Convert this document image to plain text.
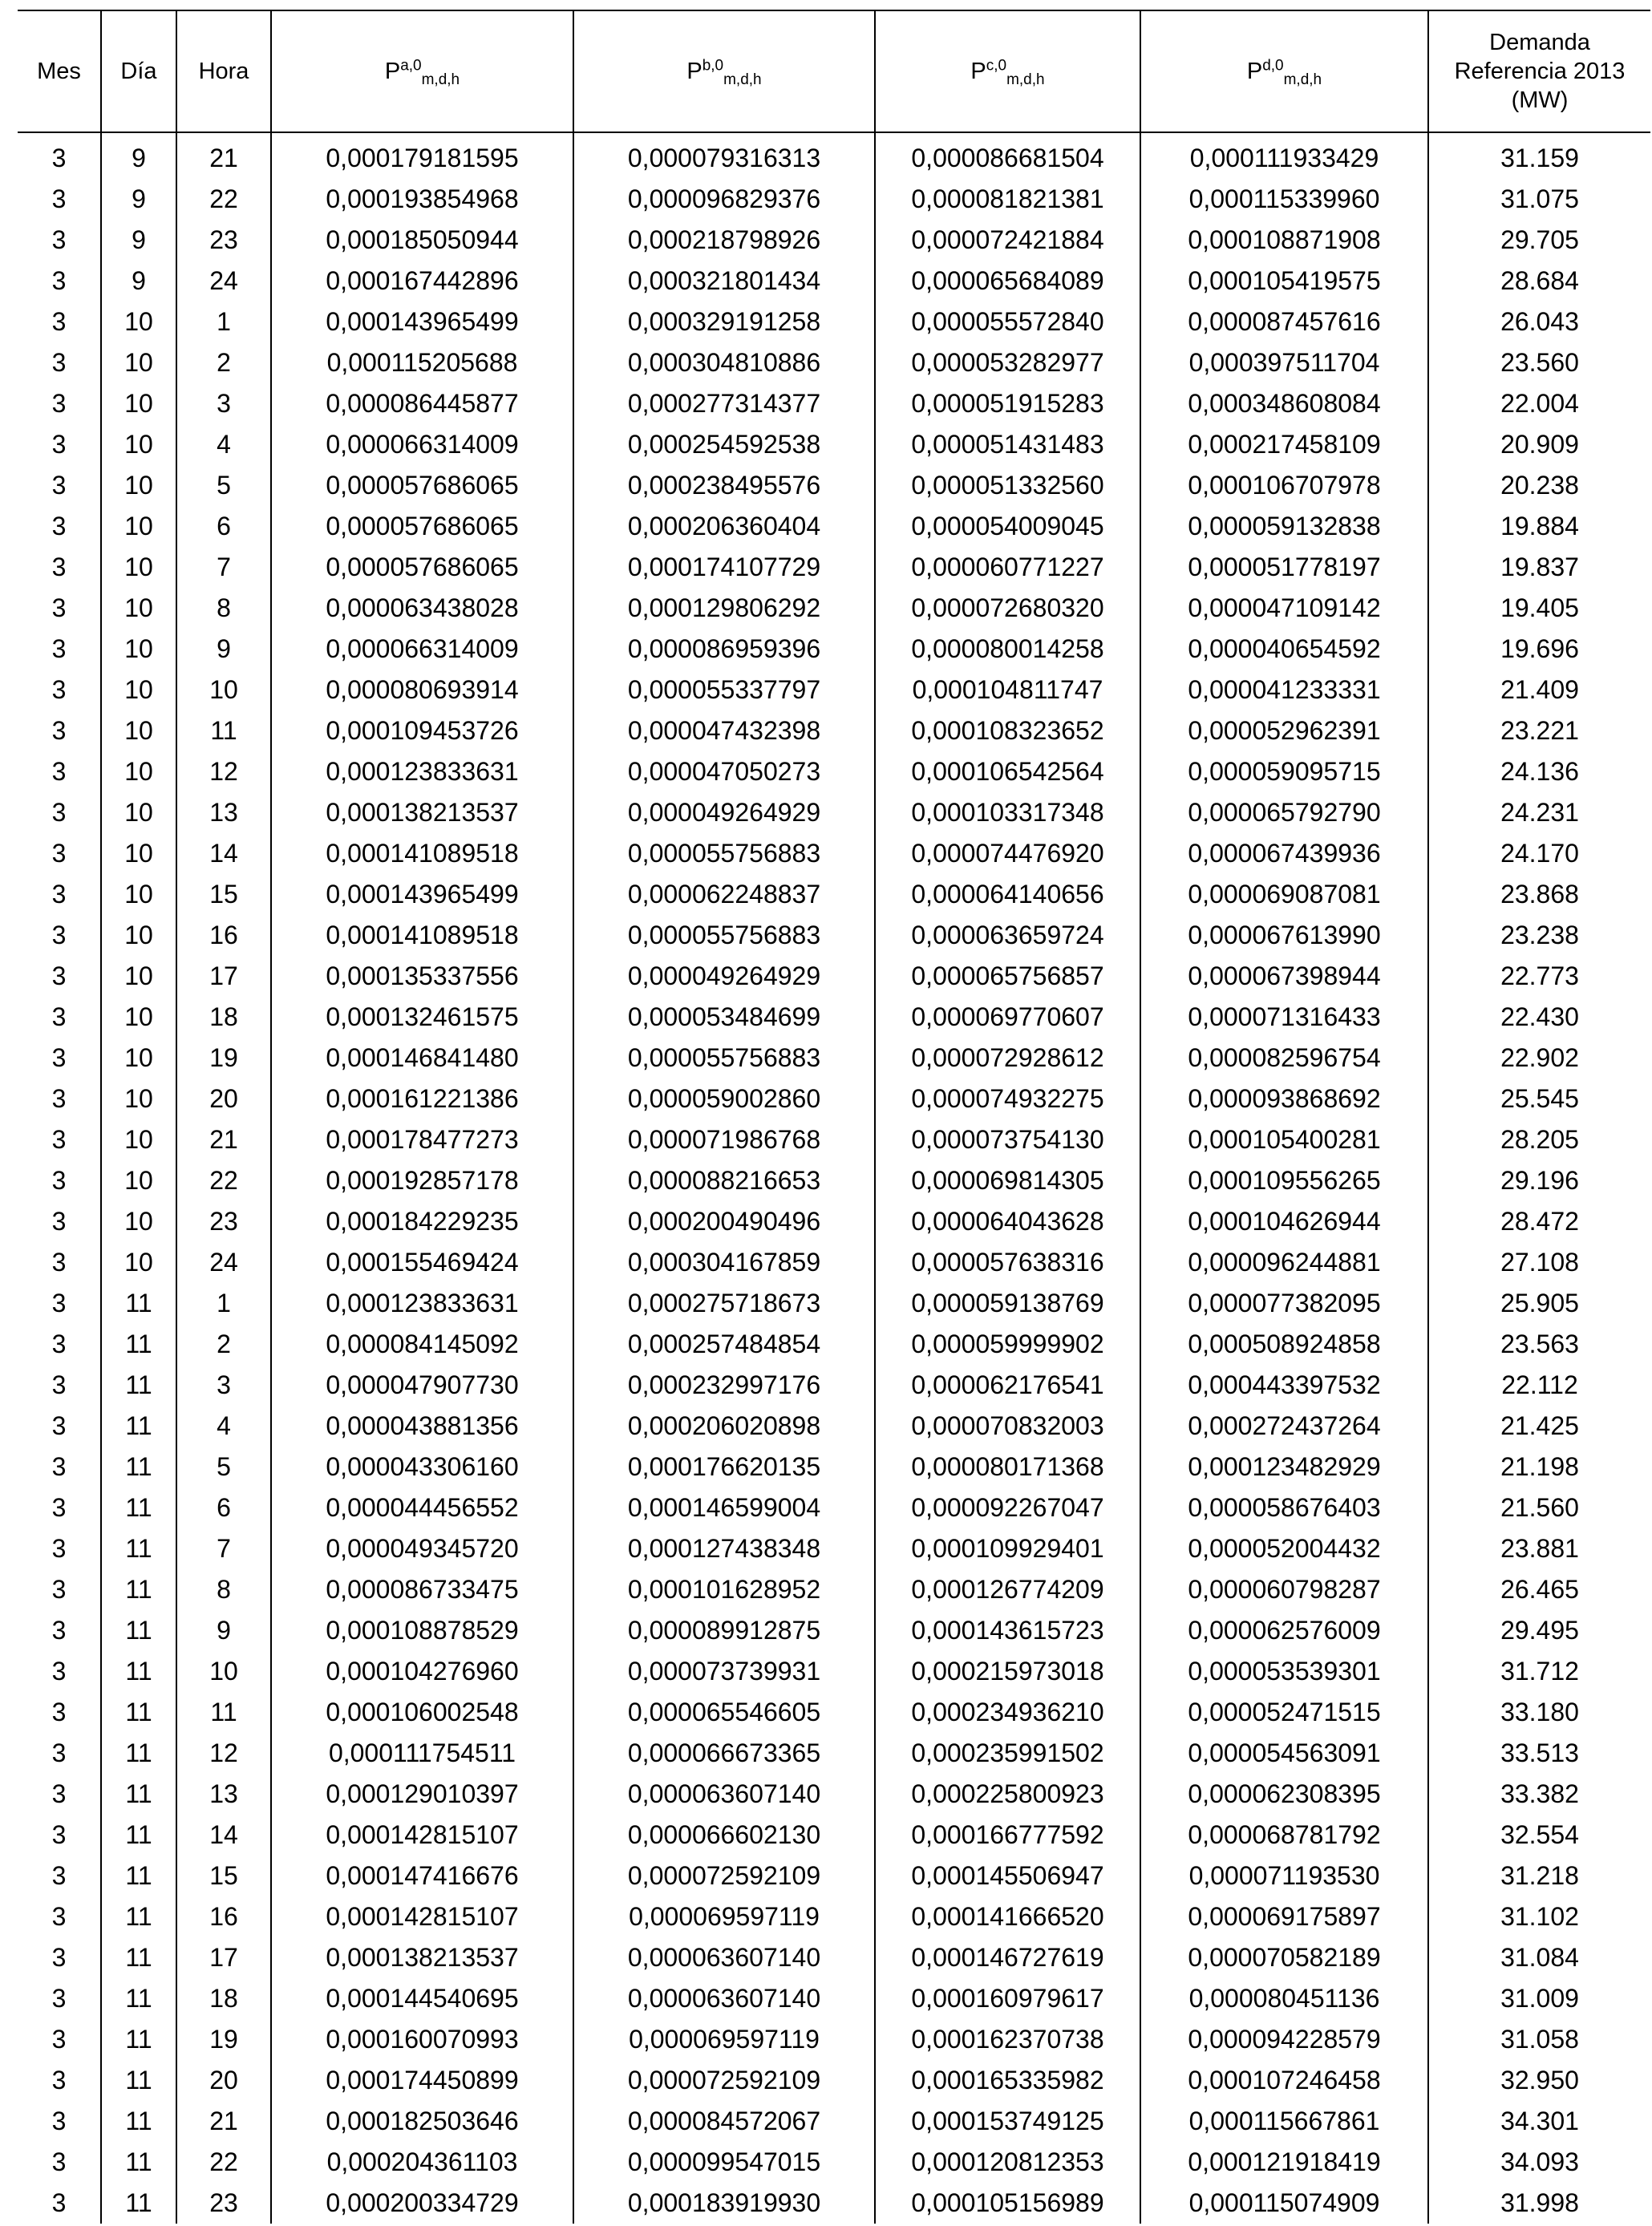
Mes	Día	Hora	P$^{a,0}_{m,d,h}$	P$^{b,0}_{m,d,h}$	P$^{c,0}_{m,d,h}$	P$^{d,0}_{m,d,h}$	Demanda
Referencia 2013
(MW)
3	9	21	0,000179181595	0,000079316313	0,000086681504	0,000111933429	31.159
3	9	22	0,000193854968	0,000096829376	0,000081821381	0,000115339960	31.075
3	9	23	0,000185050944	0,000218798926	0,000072421884	0,000108871908	29.705
3	9	24	0,000167442896	0,000321801434	0,000065684089	0,000105419575	28.684
3	10	1	0,000143965499	0,000329191258	0,000055572840	0,000087457616	26.043
3	10	2	0,000115205688	0,000304810886	0,000053282977	0,000397511704	23.560
3	10	3	0,000086445877	0,000277314377	0,000051915283	0,000348608084	22.004
3	10	4	0,000066314009	0,000254592538	0,000051431483	0,000217458109	20.909
3	10	5	0,000057686065	0,000238495576	0,000051332560	0,000106707978	20.238
3	10	6	0,000057686065	0,000206360404	0,000054009045	0,000059132838	19.884
3	10	7	0,000057686065	0,000174107729	0,000060771227	0,000051778197	19.837
3	10	8	0,000063438028	0,000129806292	0,000072680320	0,000047109142	19.405
3	10	9	0,000066314009	0,000086959396	0,000080014258	0,000040654592	19.696
3	10	10	0,000080693914	0,000055337797	0,000104811747	0,000041233331	21.409
3	10	11	0,000109453726	0,000047432398	0,000108323652	0,000052962391	23.221
3	10	12	0,000123833631	0,000047050273	0,000106542564	0,000059095715	24.136
3	10	13	0,000138213537	0,000049264929	0,000103317348	0,000065792790	24.231
3	10	14	0,000141089518	0,000055756883	0,000074476920	0,000067439936	24.170
3	10	15	0,000143965499	0,000062248837	0,000064140656	0,000069087081	23.868
3	10	16	0,000141089518	0,000055756883	0,000063659724	0,000067613990	23.238
3	10	17	0,000135337556	0,000049264929	0,000065756857	0,000067398944	22.773
3	10	18	0,000132461575	0,000053484699	0,000069770607	0,000071316433	22.430
3	10	19	0,000146841480	0,000055756883	0,000072928612	0,000082596754	22.902
3	10	20	0,000161221386	0,000059002860	0,000074932275	0,000093868692	25.545
3	10	21	0,000178477273	0,000071986768	0,000073754130	0,000105400281	28.205
3	10	22	0,000192857178	0,000088216653	0,000069814305	0,000109556265	29.196
3	10	23	0,000184229235	0,000200490496	0,000064043628	0,000104626944	28.472
3	10	24	0,000155469424	0,000304167859	0,000057638316	0,000096244881	27.108
3	11	1	0,000123833631	0,000275718673	0,000059138769	0,000077382095	25.905
3	11	2	0,000084145092	0,000257484854	0,000059999902	0,000508924858	23.563
3	11	3	0,000047907730	0,000232997176	0,000062176541	0,000443397532	22.112
3	11	4	0,000043881356	0,000206020898	0,000070832003	0,000272437264	21.425
3	11	5	0,000043306160	0,000176620135	0,000080171368	0,000123482929	21.198
3	11	6	0,000044456552	0,000146599004	0,000092267047	0,000058676403	21.560
3	11	7	0,000049345720	0,000127438348	0,000109929401	0,000052004432	23.881
3	11	8	0,000086733475	0,000101628952	0,000126774209	0,000060798287	26.465
3	11	9	0,000108878529	0,000089912875	0,000143615723	0,000062576009	29.495
3	11	10	0,000104276960	0,000073739931	0,000215973018	0,000053539301	31.712
3	11	11	0,000106002548	0,000065546605	0,000234936210	0,000052471515	33.180
3	11	12	0,000111754511	0,000066673365	0,000235991502	0,000054563091	33.513
3	11	13	0,000129010397	0,000063607140	0,000225800923	0,000062308395	33.382
3	11	14	0,000142815107	0,000066602130	0,000166777592	0,000068781792	32.554
3	11	15	0,000147416676	0,000072592109	0,000145506947	0,000071193530	31.218
3	11	16	0,000142815107	0,000069597119	0,000141666520	0,000069175897	31.102
3	11	17	0,000138213537	0,000063607140	0,000146727619	0,000070582189	31.084
3	11	18	0,000144540695	0,000063607140	0,000160979617	0,000080451136	31.009
3	11	19	0,000160070993	0,000069597119	0,000162370738	0,000094228579	31.058
3	11	20	0,000174450899	0,000072592109	0,000165335982	0,000107246458	32.950
3	11	21	0,000182503646	0,000084572067	0,000153749125	0,000115667861	34.301
3	11	22	0,000204361103	0,000099547015	0,000120812353	0,000121918419	34.093
3	11	23	0,000200334729	0,000183919930	0,000105156989	0,000115074909	31.998
